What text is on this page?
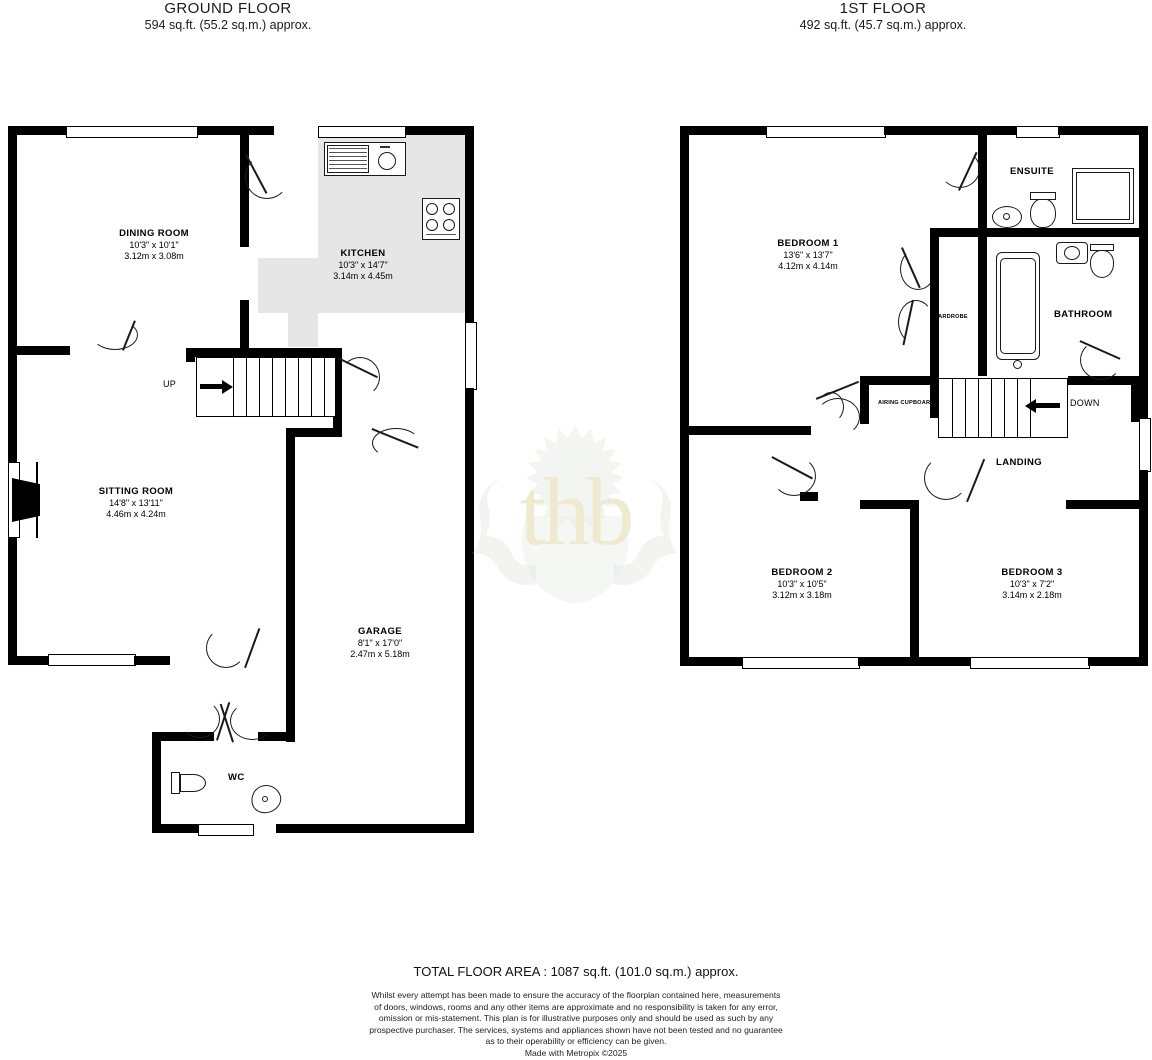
GROUND FLOOR
594 sq.ft. (55.2 sq.m.) approx.
1ST FLOOR
492 sq.ft. (45.7 sq.m.) approx.
UP
DINING ROOM
10'3" x 10'1"
3.12m x 3.08m	KITCHEN
10'3" x 14'7"
3.14m x 4.45m
SITTING ROOM
14'8" x 13'11"
4.46m x 4.24m
GARAGE
8'1" x 17'0"
2.47m x 5.18m
WC
DOWN
BEDROOM 1
13'6" x 13'7"
4.12m x 4.14m
BEDROOM 2
10'3" x 10'5"
3.12m x 3.18m
BEDROOM 3
10'3" x 7'2"
3.14m x 2.18m
ENSUITE
BATHROOM
LANDING
WARDROBE
AIRING CUPBOARD
thb
TOTAL FLOOR AREA : 1087 sq.ft. (101.0 sq.m.) approx.
Whilst every attempt has been made to ensure the accuracy of the floorplan contained here, measurements
of doors, windows, rooms and any other items are approximate and no responsibility is taken for any error,
omission or mis-statement. This plan is for illustrative purposes only and should be used as such by any
prospective purchaser. The services, systems and appliances shown have not been tested and no guarantee
as to their operability or efficiency can be given.
Made with Metropix ©2025
